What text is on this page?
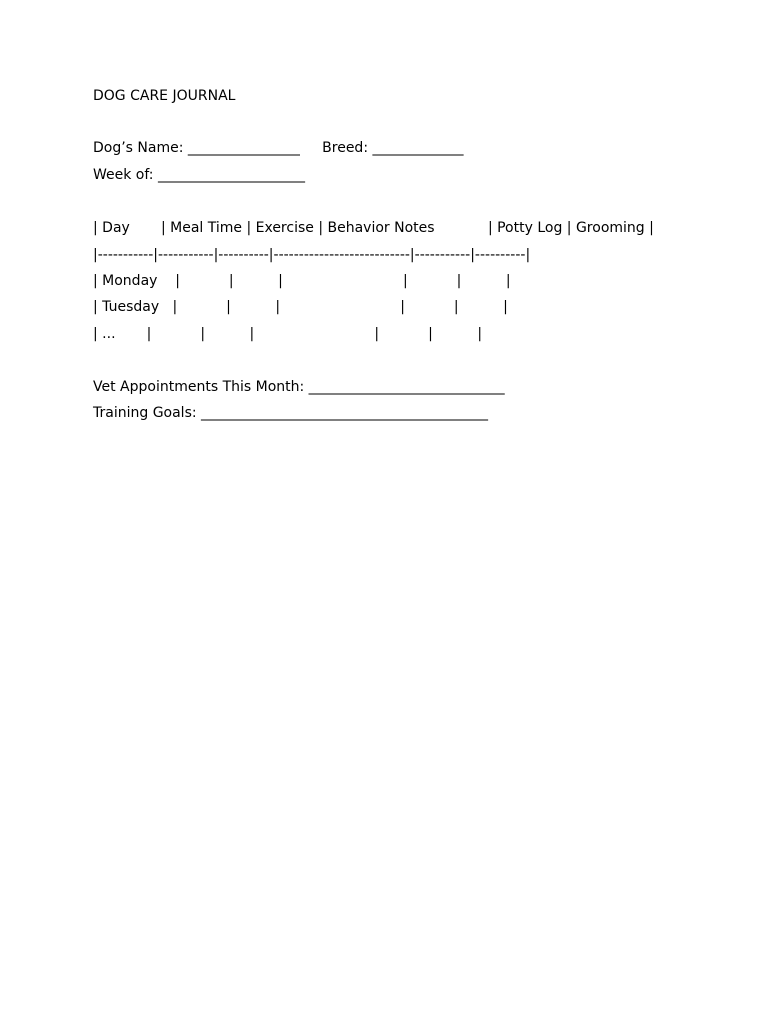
DOG CARE JOURNAL
Dog’s Name: ________________     Breed: _____________
Week of: _____________________
| Day       | Meal Time | Exercise | Behavior Notes            | Potty Log | Grooming |
|-----------|-----------|----------|---------------------------|-----------|----------|
| Monday    |           |          |                           |           |          |
| Tuesday   |           |          |                           |           |          |
| ...       |           |          |                           |           |          |
Vet Appointments This Month: ____________________________
Training Goals: _________________________________________
